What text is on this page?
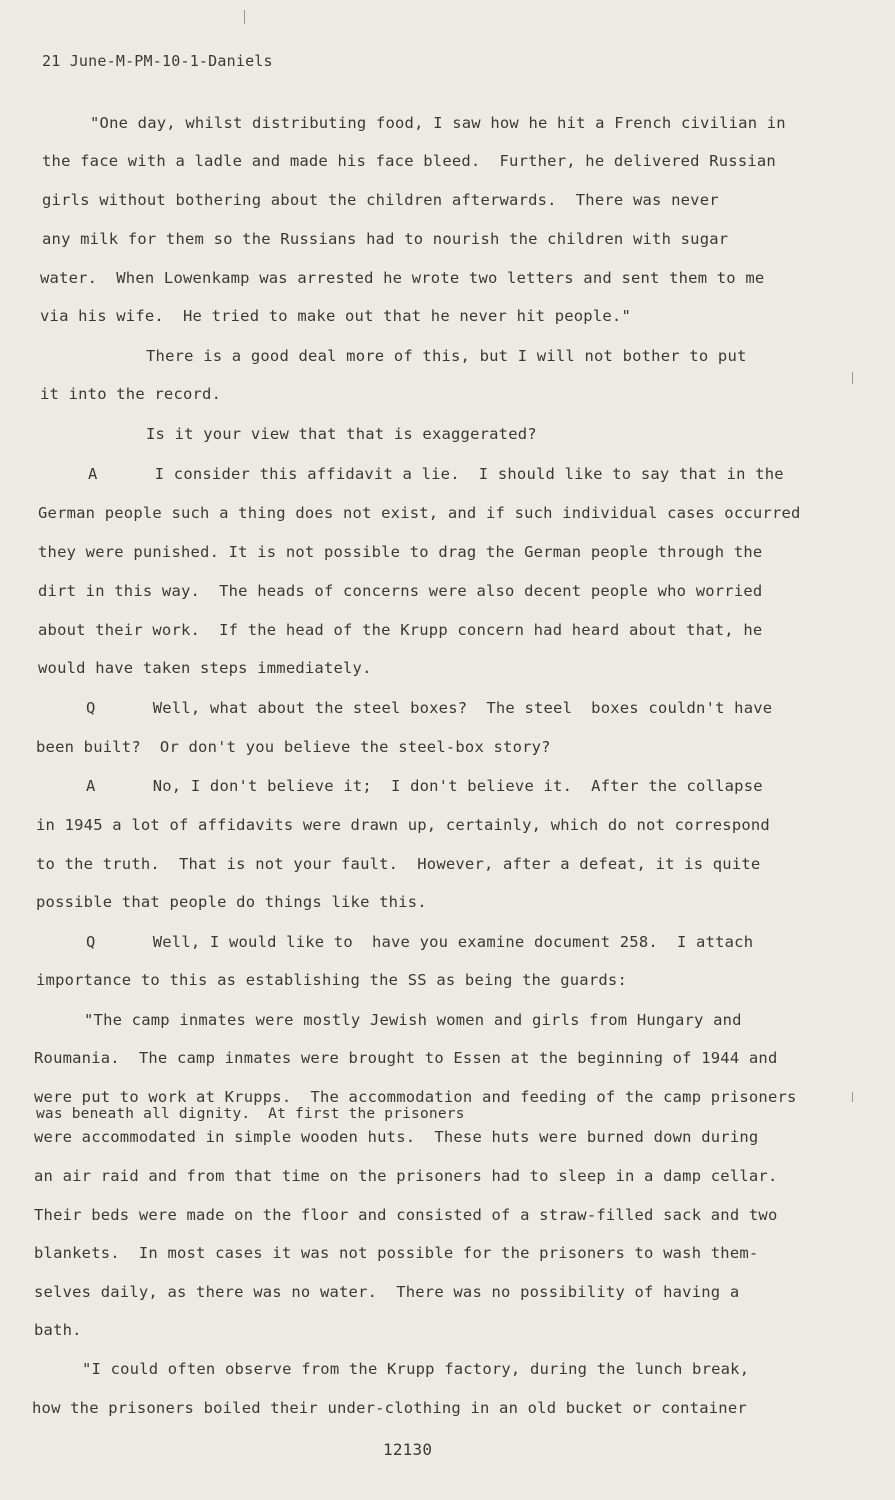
21 June-M-PM-10-1-Daniels
"One day, whilst distributing food, I saw how he hit a French civilian in
the face with a ladle and made his face bleed.  Further, he delivered Russian
girls without bothering about the children afterwards.  There was never
any milk for them so the Russians had to nourish the children with sugar
water.  When Lowenkamp was arrested he wrote two letters and sent them to me
via his wife.  He tried to make out that he never hit people."
There is a good deal more of this, but I will not bother to put
it into the record.
Is it your view that that is exaggerated?
A      I consider this affidavit a lie.  I should like to say that in the
German people such a thing does not exist, and if such individual cases occurred
they were punished. It is not possible to drag the German people through the
dirt in this way.  The heads of concerns were also decent people who worried
about their work.  If the head of the Krupp concern had heard about that, he
would have taken steps immediately.
Q      Well, what about the steel boxes?  The steel  boxes couldn't have
been built?  Or don't you believe the steel-box story?
A      No, I don't believe it;  I don't believe it.  After the collapse
in 1945 a lot of affidavits were drawn up, certainly, which do not correspond
to the truth.  That is not your fault.  However, after a defeat, it is quite
possible that people do things like this.
Q      Well, I would like to  have you examine document 258.  I attach
importance to this as establishing the SS as being the guards:
"The camp inmates were mostly Jewish women and girls from Hungary and
Roumania.  The camp inmates were brought to Essen at the beginning of 1944 and
were put to work at Krupps.  The accommodation and feeding of the camp prisoners
was beneath all dignity.  At first the prisoners
were accommodated in simple wooden huts.  These huts were burned down during
an air raid and from that time on the prisoners had to sleep in a damp cellar.
Their beds were made on the floor and consisted of a straw-filled sack and two
blankets.  In most cases it was not possible for the prisoners to wash them-
selves daily, as there was no water.  There was no possibility of having a
bath.
"I could often observe from the Krupp factory, during the lunch break,
how the prisoners boiled their under-clothing in an old bucket or container
12130
